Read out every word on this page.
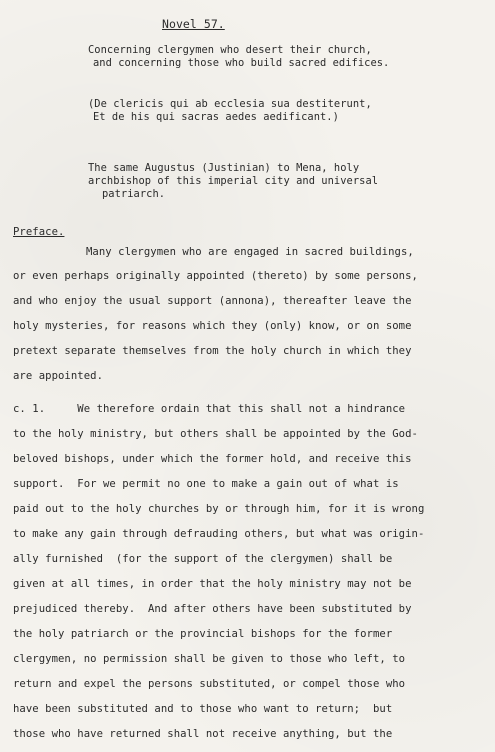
Novel 57.
Concerning clergymen who desert their church,
and concerning those who build sacred edifices.
(De clericis qui ab ecclesia sua destiterunt,
Et de his qui sacras aedes aedificant.)
The same Augustus (Justinian) to Mena, holy
archbishop of this imperial city and universal
patriarch.
Preface.
Many clergymen who are engaged in sacred buildings,
or even perhaps originally appointed (thereto) by some persons,
and who enjoy the usual support (annona), thereafter leave the
holy mysteries, for reasons which they (only) know, or on some
pretext separate themselves from the holy church in which they
are appointed.
c. 1.     We therefore ordain that this shall not a hindrance
to the holy ministry, but others shall be appointed by the God-
beloved bishops, under which the former hold, and receive this
support.  For we permit no one to make a gain out of what is
paid out to the holy churches by or through him, for it is wrong
to make any gain through defrauding others, but what was origin-
ally furnished  (for the support of the clergymen) shall be
given at all times, in order that the holy ministry may not be
prejudiced thereby.  And after others have been substituted by
the holy patriarch or the provincial bishops for the former
clergymen, no permission shall be given to those who left, to
return and expel the persons substituted, or compel those who
have been substituted and to those who want to return;  but
those who have returned shall not receive anything, but the
